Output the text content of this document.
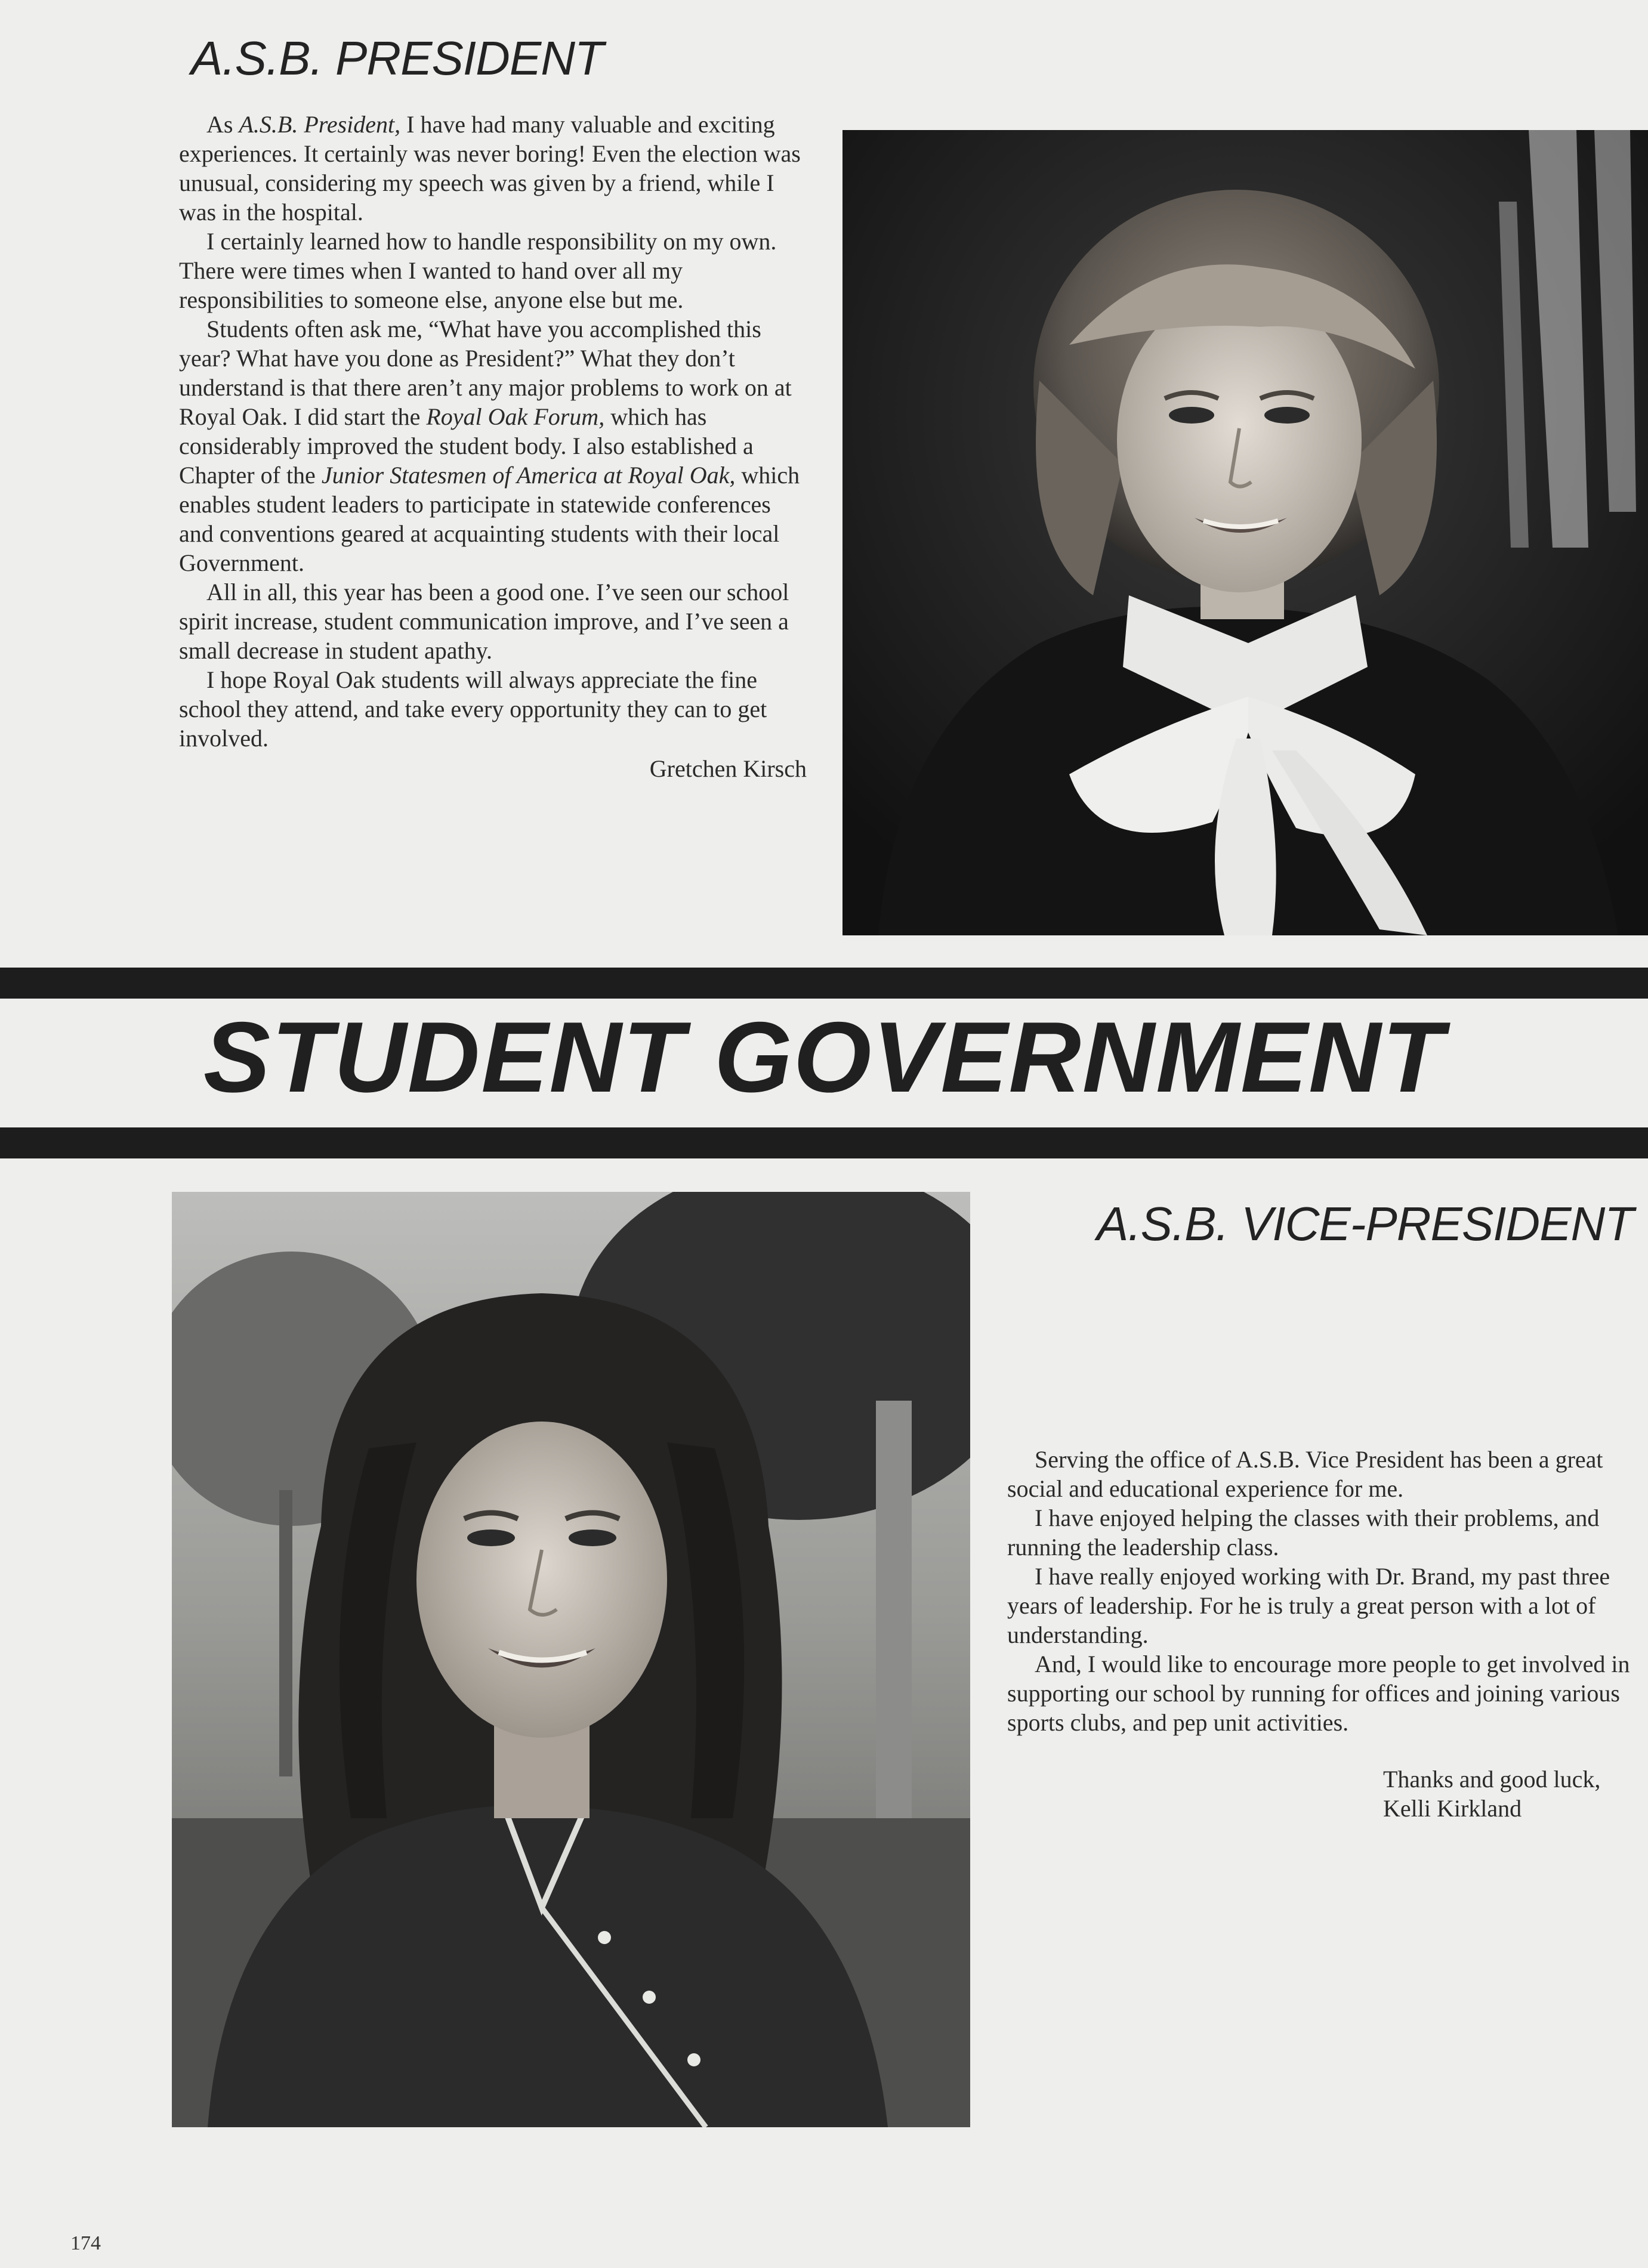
A.S.B. PRESIDENT

As A.S.B. President, I have had many valuable and exciting experiences. It certainly was never boring! Even the election was unusual, considering my speech was given by a friend, while I was in the hospital.

I certainly learned how to handle responsibility on my own. There were times when I wanted to hand over all my responsibilities to someone else, anyone else but me.

Students often ask me, “What have you accomplished this year? What have you done as President?” What they don’t understand is that there aren’t any major problems to work on at Royal Oak. I did start the Royal Oak Forum, which has considerably improved the student body. I also established a Chapter of the Junior Statesmen of America at Royal Oak, which enables student leaders to participate in statewide conferences and conventions geared at acquainting students with their local Government.

All in all, this year has been a good one. I’ve seen our school spirit increase, student communication improve, and I’ve seen a small decrease in student apathy.

I hope Royal Oak students will always appreciate the fine school they attend, and take every opportunity they can to get involved.

Gretchen Kirsch
STUDENT GOVERNMENT
A.S.B. VICE-PRESIDENT

Serving the office of A.S.B. Vice President has been a great social and educational experience for me.

I have enjoyed helping the classes with their problems, and running the leadership class.

I have really enjoyed working with Dr. Brand, my past three years of leadership. For he is truly a great person with a lot of understanding.

And, I would like to encourage more people to get involved in supporting our school by running for offices and joining various sports clubs, and pep unit activities.

Thanks and good luck,
Kelli Kirkland
174
